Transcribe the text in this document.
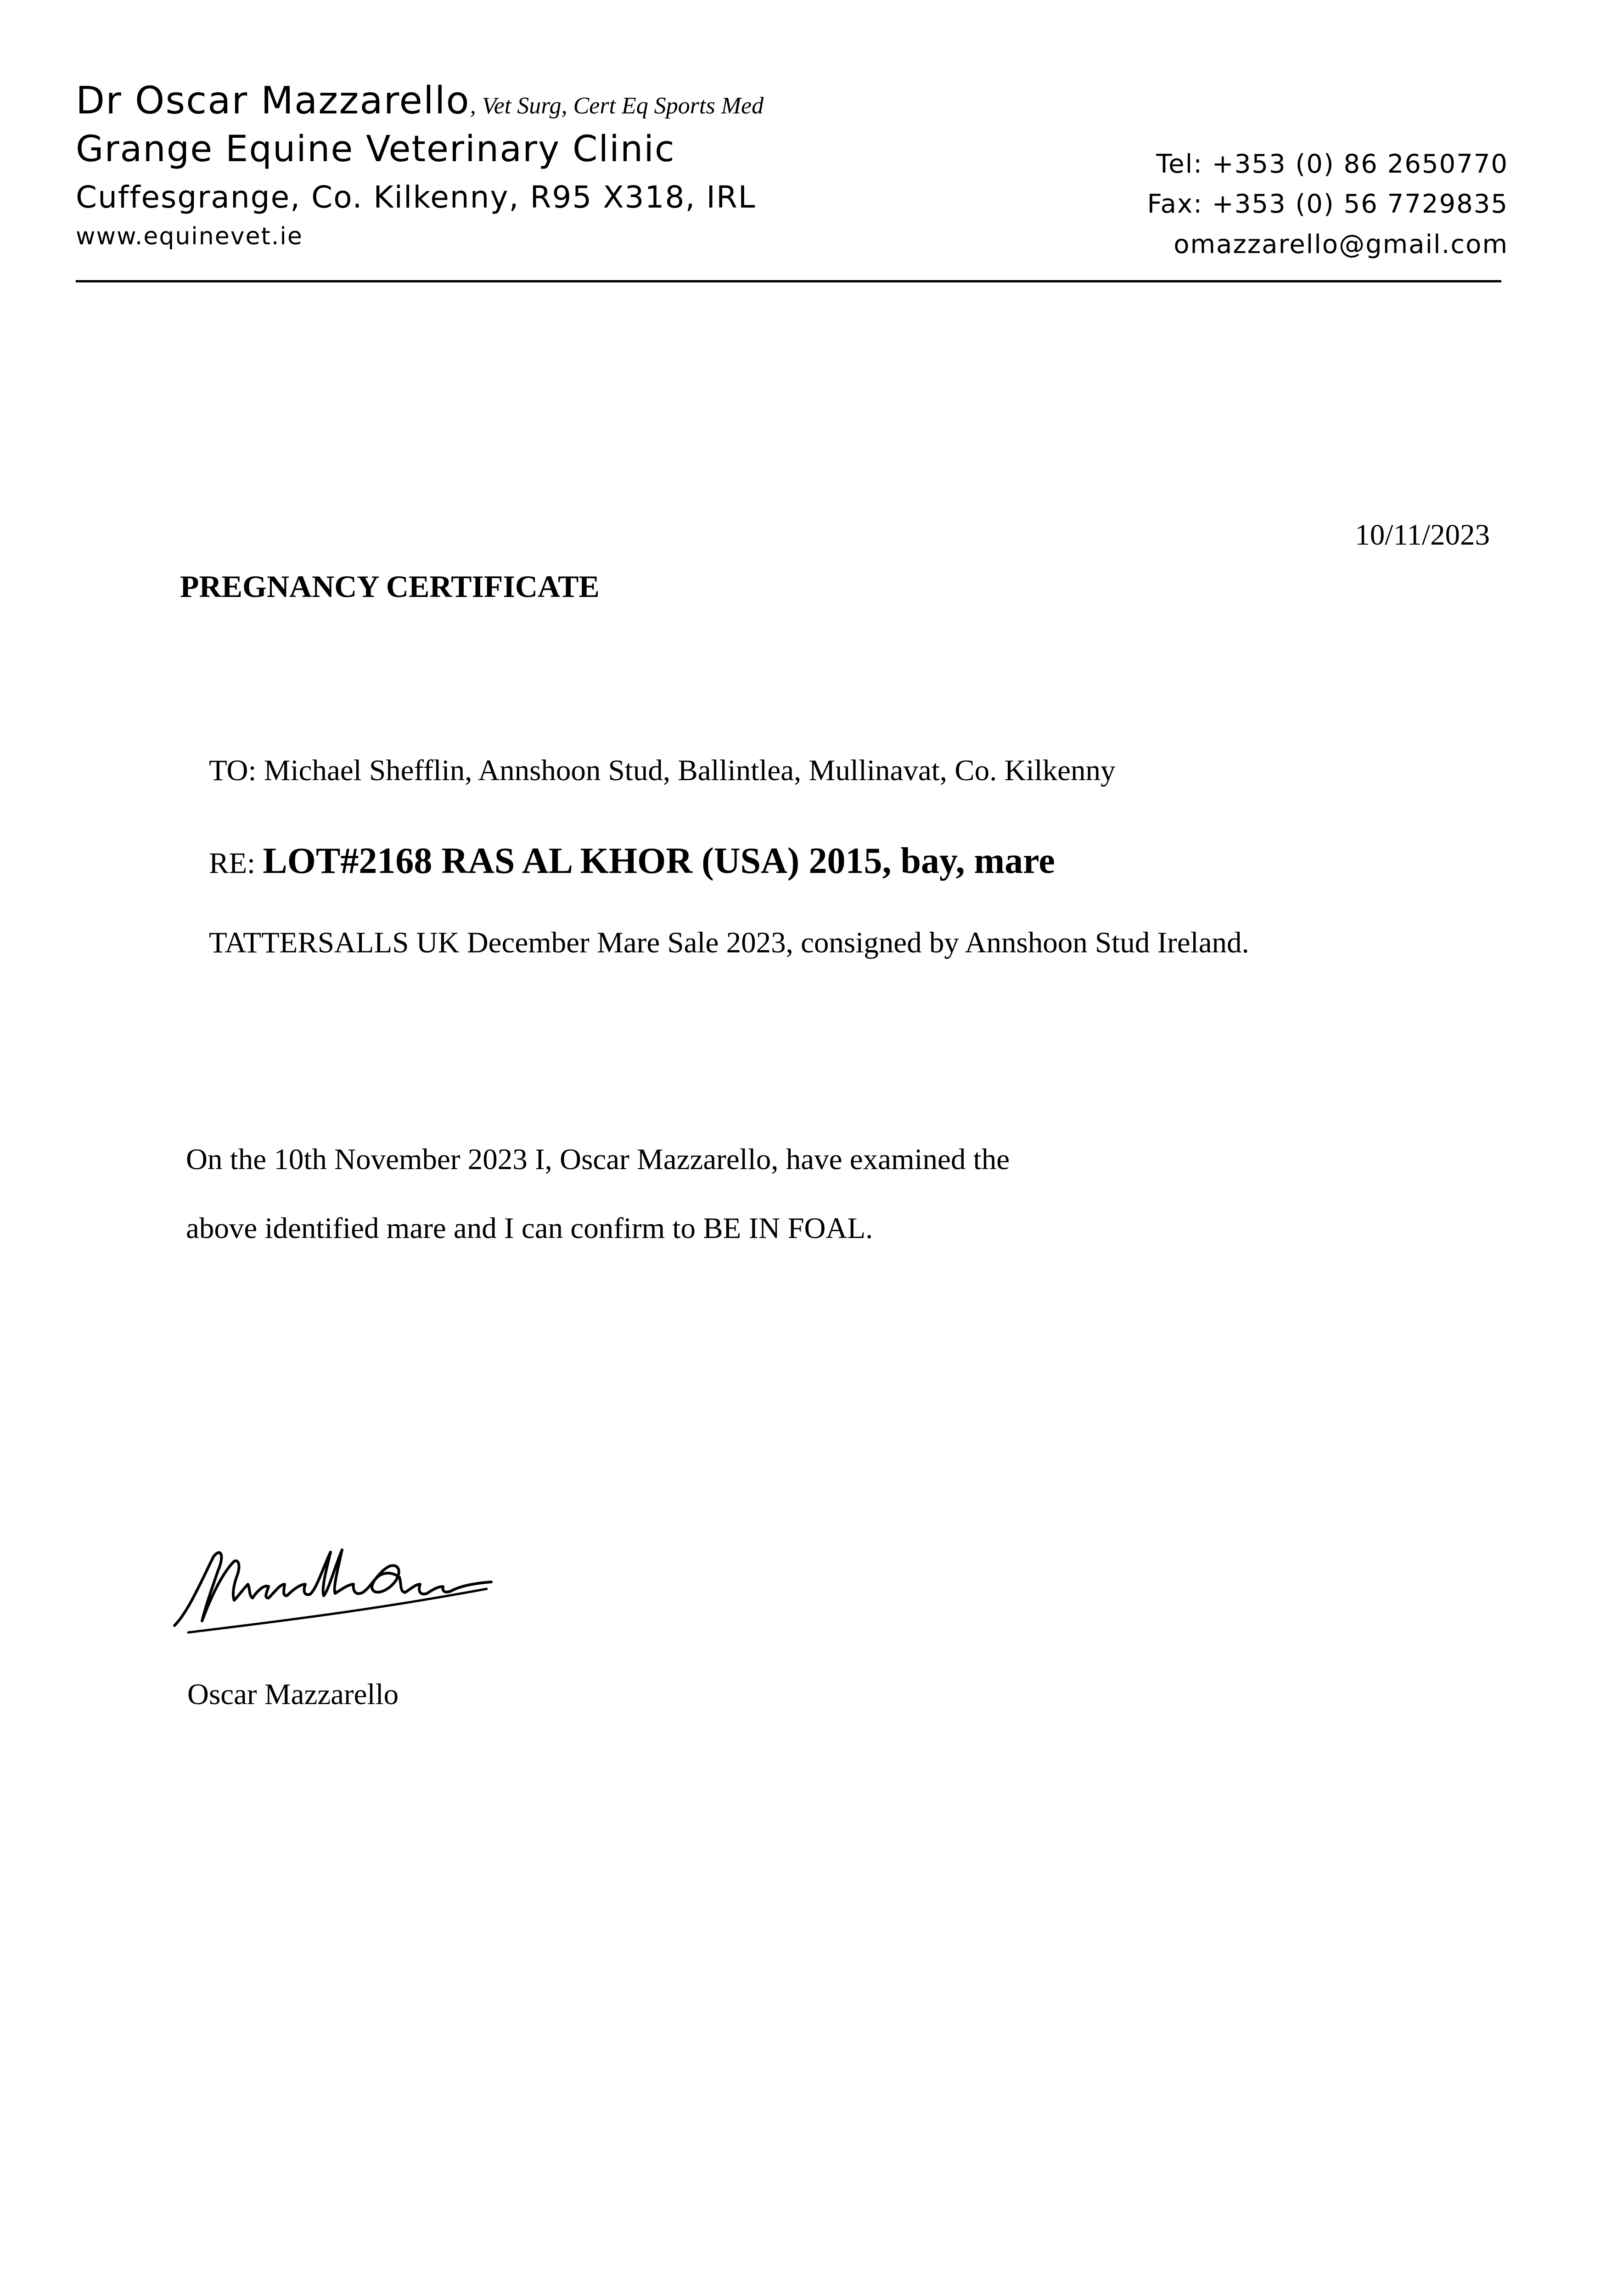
Dr Oscar Mazzarello, Vet Surg, Cert Eq Sports Med
Grange Equine Veterinary Clinic
Cuffesgrange, Co. Kilkenny, R95 X318, IRL
www.equinevet.ie
Tel: +353 (0) 86 2650770
Fax: +353 (0) 56 7729835
omazzarello@gmail.com
10/11/2023
PREGNANCY CERTIFICATE
TO: Michael Shefflin, Annshoon Stud, Ballintlea, Mullinavat, Co. Kilkenny
RE: LOT#2168 RAS AL KHOR (USA) 2015, bay, mare
TATTERSALLS UK December Mare Sale 2023, consigned by Annshoon Stud Ireland.
On the 10th November 2023 I, Oscar Mazzarello, have examined the
above identified mare and I can confirm to BE IN FOAL.
Oscar Mazzarello
